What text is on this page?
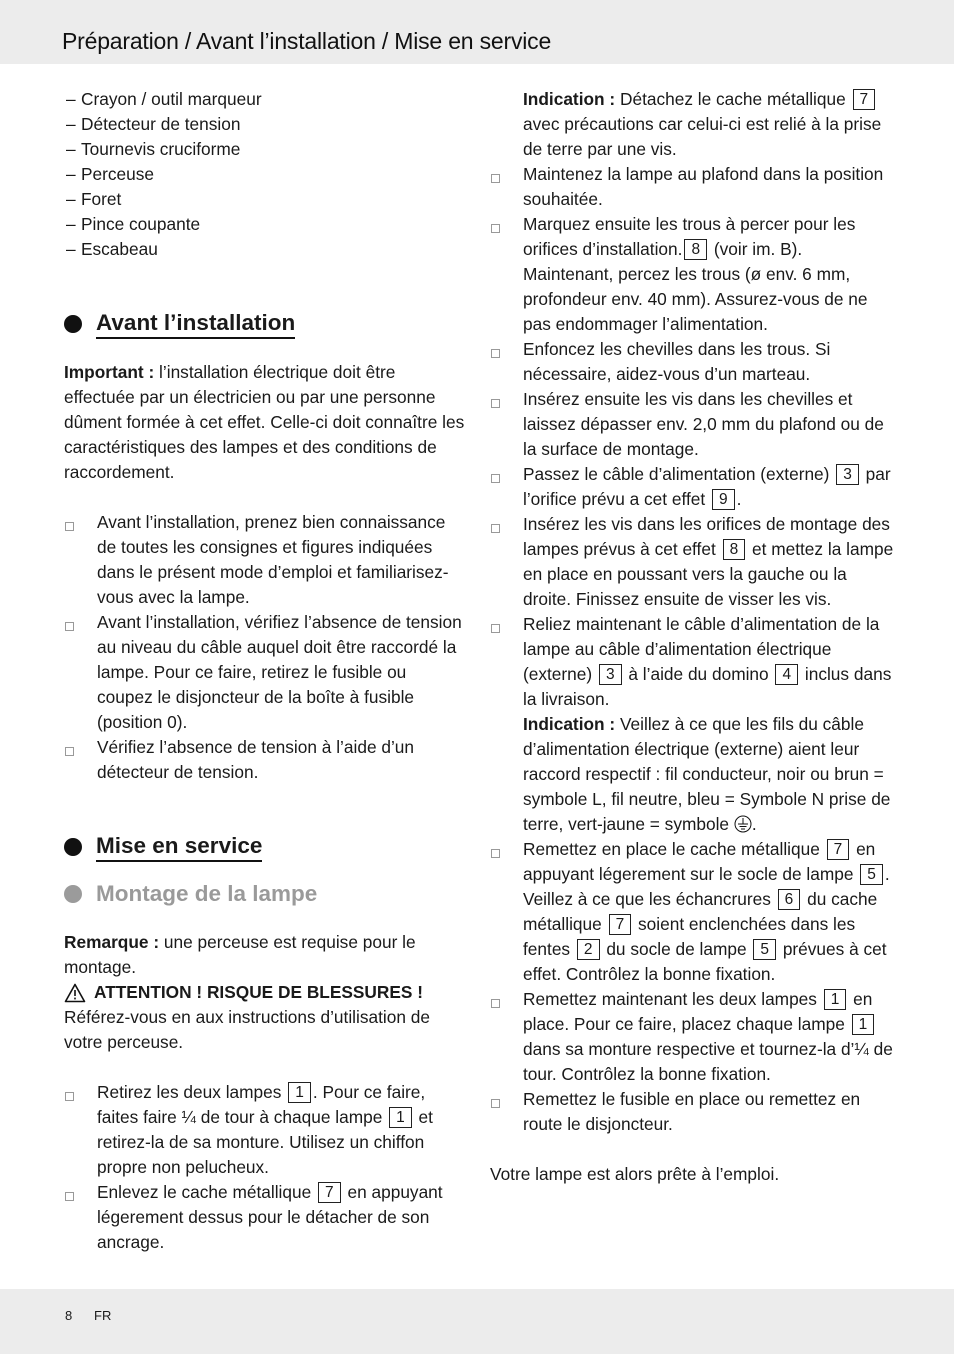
Préparation / Avant l’installation / Mise en service
– Crayon / outil marqueur
– Détecteur de tension
– Tournevis cruciforme
– Perceuse
– Foret
– Pince coupante
– Escabeau
Avant l’installation

Important : l’installation électrique doit être effectuée par un électricien ou par une personne dûment formée à cet effet. Celle-ci doit connaître les caractéristiques des lampes et des conditions de raccordement.

Avant l’installation, prenez bien connaissance de toutes les consignes et figures indiquées dans le présent mode d’emploi et familiarisez-vous avec la lampe.
Avant l’installation, vérifiez l’absence de tension au niveau du câble auquel doit être raccordé la lampe. Pour ce faire, retirez le fusible ou coupez le disjoncteur de la boîte à fusible (position 0).
Vérifiez l’absence de tension à l’aide d’un détecteur de tension.
Mise en service
Montage de la lampe

Remarque : une perceuse est requise pour le montage.

ATTENTION ! RISQUE DE BLESSURES !

Référez-vous en aux instructions d’utilisation de votre perceuse.

Retirez les deux lampes 1 . Pour ce faire, faites faire ¼ de tour à chaque lampe 1 et retirez-la de sa monture. Utilisez un chiffon propre non pelucheux.
Enlevez le cache métallique 7 en appuyant légerement dessus pour le détacher de son ancrage.

Indication : Détachez le cache métallique 7 avec précautions car celui-ci est relié à la prise de terre par une vis.

Maintenez la lampe au plafond dans la position souhaitée.
Marquez ensuite les trous à percer pour les orifices d’installation. 8 (voir im. B). Maintenant, percez les trous (ø env. 6 mm, profondeur env. 40 mm). Assurez-vous de ne pas endommager l’alimentation.
Enfoncez les chevilles dans les trous. Si nécessaire, aidez-vous d’un marteau.
Insérez ensuite les vis dans les chevilles et laissez dépasser env. 2,0 mm du plafond ou de la surface de montage.
Passez le câble d’alimentation (externe) 3 par l’orifice prévu a cet effet 9 .
Insérez les vis dans les orifices de montage des lampes prévus à cet effet 8 et mettez la lampe en place en poussant vers la gauche ou la droite. Finissez ensuite de visser les vis.
Reliez maintenant le câble d’alimentation de la lampe au câble d’alimentation électrique (externe) 3 à l’aide du domino 4 inclus dans la livraison.
Indication : Veillez à ce que les fils du câble d’alimentation électrique (externe) aient leur raccord respectif : fil conducteur, noir ou brun = symbole L, fil neutre, bleu = Symbole N prise de terre, vert-jaune = symbole .
Remettez en place le cache métallique 7 en appuyant légerement sur le socle de lampe 5 . Veillez à ce que les échancrures 6 du cache métallique 7 soient enclenchées dans les fentes 2 du socle de lampe 5 prévues à cet effet. Contrôlez la bonne fixation.
Remettez maintenant les deux lampes 1 en place. Pour ce faire, placez chaque lampe 1 dans sa monture respective et tournez-la d’¼ de tour. Contrôlez la bonne fixation.
Remettez le fusible en place ou remettez en route le disjoncteur.

Votre lampe est alors prête à l’emploi.

8 FR
